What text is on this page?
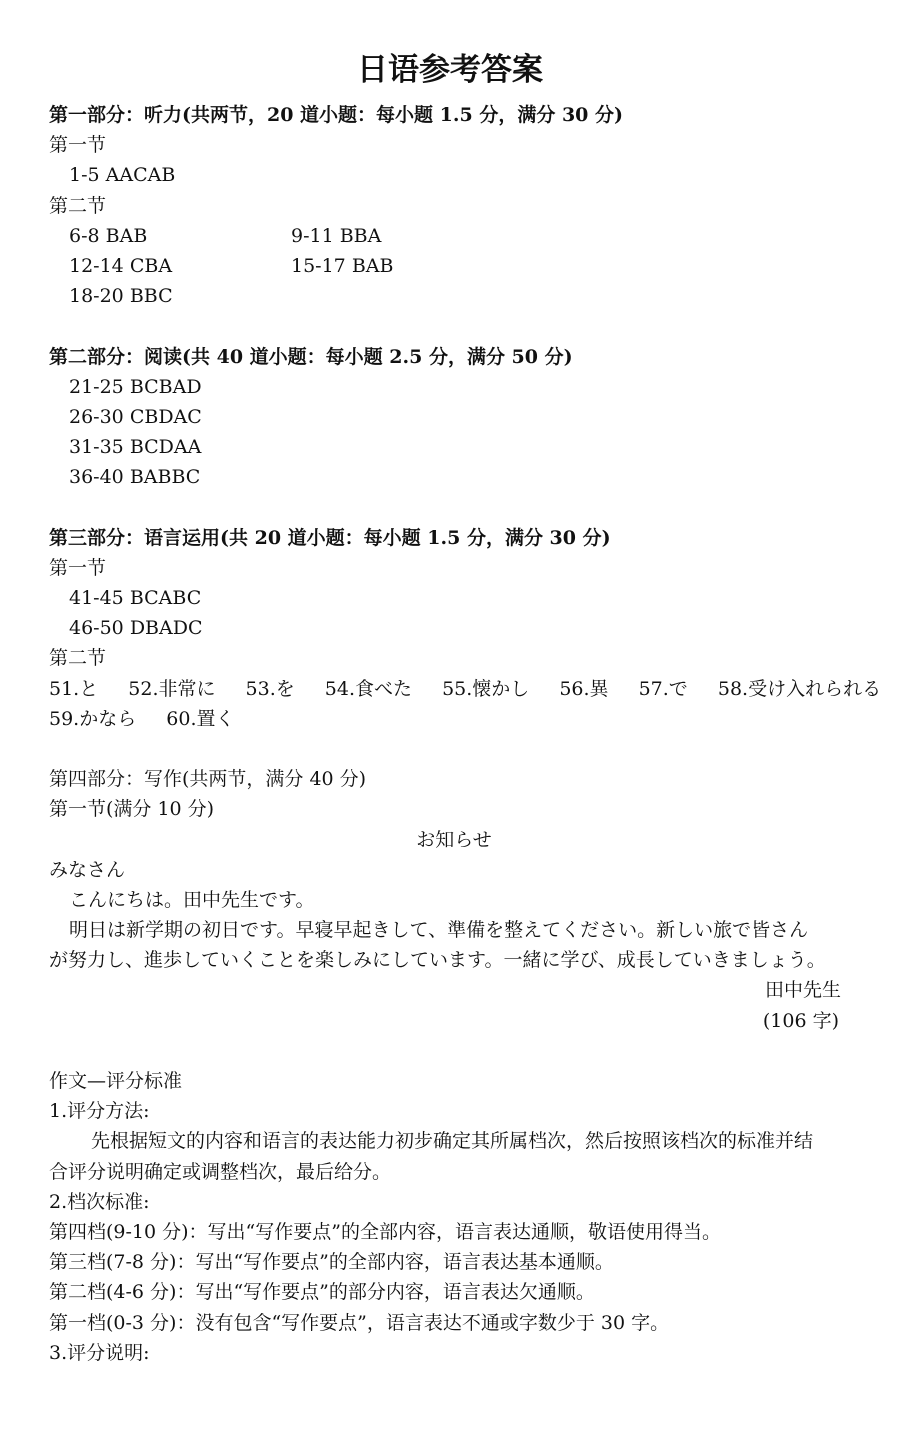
日语参考答案
第一部分：听力(共两节，20 道小题：每小题 1.5 分，满分 30 分)
第一节
1-5 AACAB
第二节
6-8 BAB	9-11 BBA
12-14 CBA	15-17 BAB
18-20 BBC
第二部分：阅读(共 40 道小题：每小题 2.5 分，满分 50 分)
21-25 BCBAD
26-30 CBDAC
31-35 BCDAA
36-40 BABBC
第三部分：语言运用(共 20 道小题：每小题 1.5 分，满分 30 分)
第一节
41-45 BCABC
46-50 DBADC
第二节
51.と 52.非常に 53.を 54.食べた 55.懐かし 56.異 57.で 58.受け入れられる
59.かなら 60.置く
第四部分：写作(共两节，满分 40 分)
第一节(满分 10 分)
お知らせ
みなさん
こんにちは。田中先生です。
明日は新学期の初日です。早寝早起きして、準備を整えてください。新しい旅で皆さん
が努力し、進歩していくことを楽しみにしています。一緒に学び、成長していきましょう。
田中先生
(106 字)
作文—评分标准
1.评分方法:
先根据短文的内容和语言的表达能力初步确定其所属档次，然后按照该档次的标准并结
合评分说明确定或调整档次，最后给分。
2.档次标准:
第四档(9-10 分)：写出“写作要点”的全部内容，语言表达通顺，敬语使用得当。
第三档(7-8 分)：写出“写作要点”的全部内容，语言表达基本通顺。
第二档(4-6 分)：写出“写作要点”的部分内容，语言表达欠通顺。
第一档(0-3 分)：没有包含“写作要点”，语言表达不通或字数少于 30 字。
3.评分说明:
